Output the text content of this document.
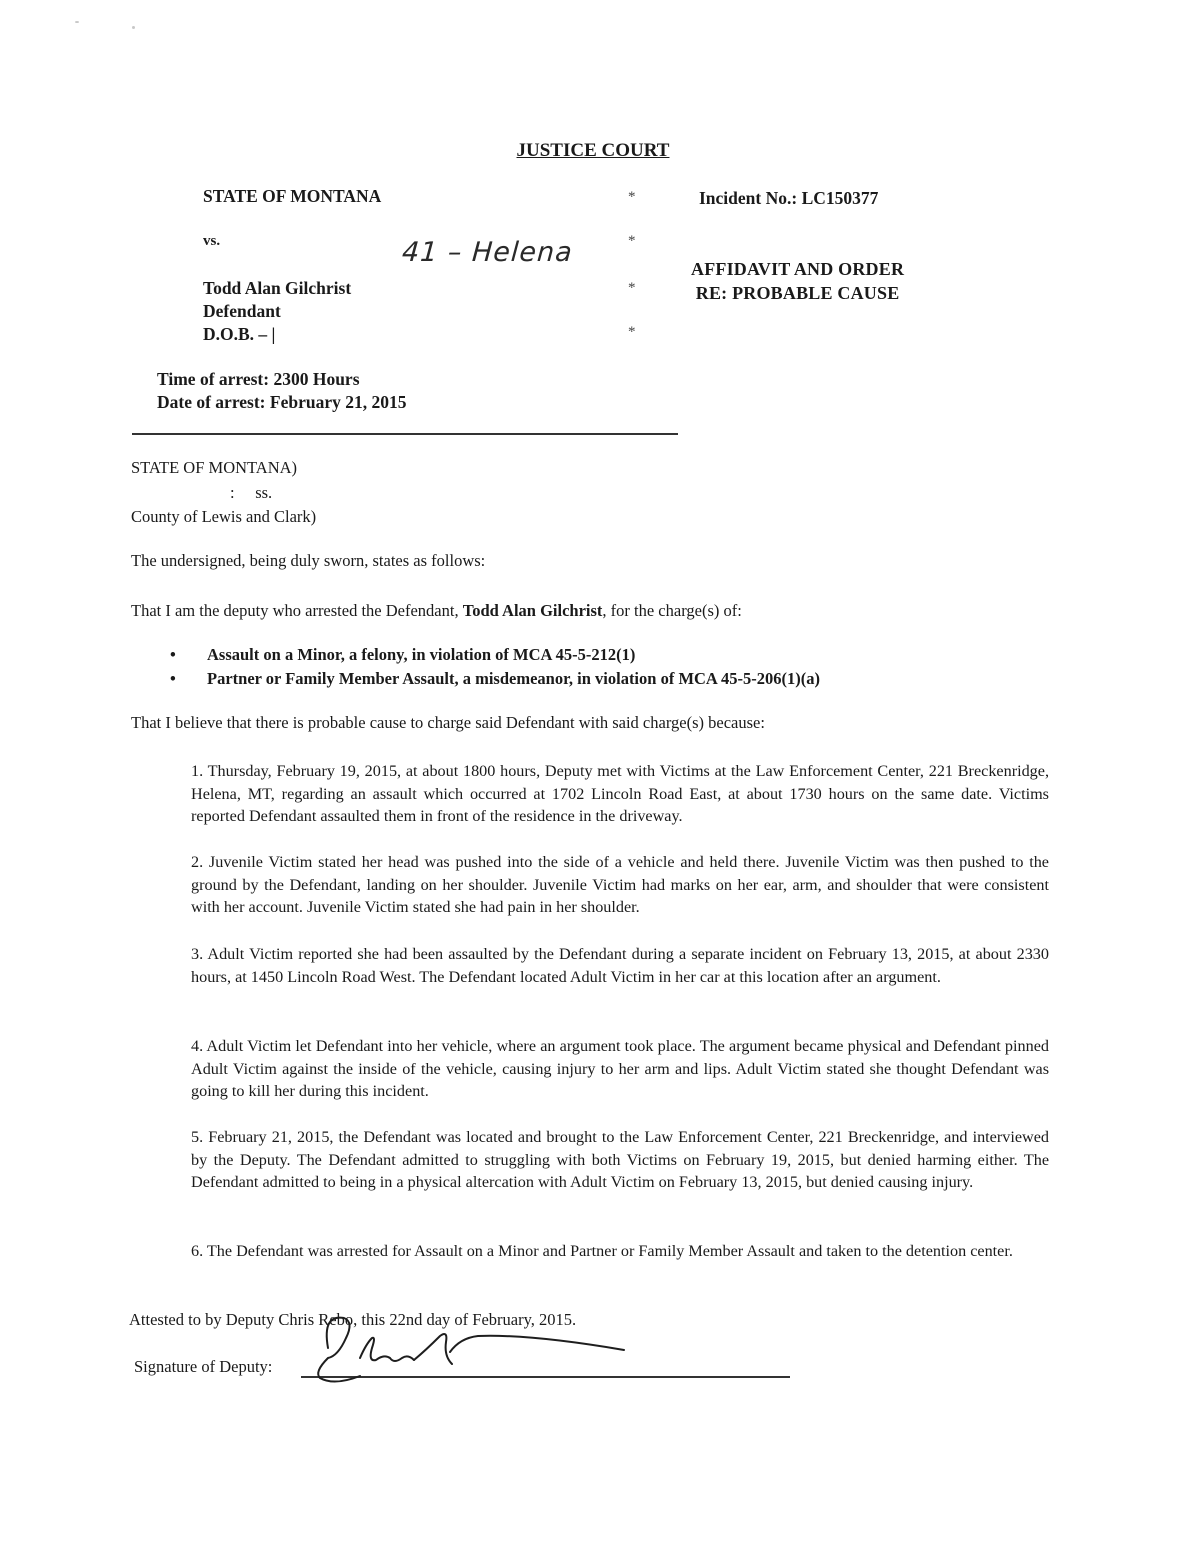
JUSTICE COURT
STATE OF MONTANA
vs.
Todd Alan Gilchrist
Defendant
D.O.B. – |
*
*
*
*
Incident No.: LC150377
AFFIDAVIT AND ORDER
RE: PROBABLE CAUSE
41 – Helena
Time of arrest: 2300 Hours
Date of arrest: February 21, 2015
STATE OF MONTANA)
:     ss.
County of Lewis and Clark)
The undersigned, being duly sworn, states as follows:
That I am the deputy who arrested the Defendant, Todd Alan Gilchrist, for the charge(s) of:
• Assault on a Minor, a felony, in violation of MCA 45-5-212(1)
• Partner or Family Member Assault, a misdemeanor, in violation of MCA 45-5-206(1)(a)
That I believe that there is probable cause to charge said Defendant with said charge(s) because:
1. Thursday, February 19, 2015, at about 1800 hours, Deputy met with Victims at the Law Enforcement Center, 221 Breckenridge, Helena, MT, regarding an assault which occurred at 1702 Lincoln Road East, at about 1730 hours on the same date. Victims reported Defendant assaulted them in front of the residence in the driveway.
2. Juvenile Victim stated her head was pushed into the side of a vehicle and held there. Juvenile Victim was then pushed to the ground by the Defendant, landing on her shoulder. Juvenile Victim had marks on her ear, arm, and shoulder that were consistent with her account. Juvenile Victim stated she had pain in her shoulder.
3. Adult Victim reported she had been assaulted by the Defendant during a separate incident on February 13, 2015, at about 2330 hours, at 1450 Lincoln Road West. The Defendant located Adult Victim in her car at this location after an argument.
4. Adult Victim let Defendant into her vehicle, where an argument took place. The argument became physical and Defendant pinned Adult Victim against the inside of the vehicle, causing injury to her arm and lips. Adult Victim stated she thought Defendant was going to kill her during this incident.
5. February 21, 2015, the Defendant was located and brought to the Law Enforcement Center, 221 Breckenridge, and interviewed by the Deputy. The Defendant admitted to struggling with both Victims on February 19, 2015, but denied harming either. The Defendant admitted to being in a physical altercation with Adult Victim on February 13, 2015, but denied causing injury.
6. The Defendant was arrested for Assault on a Minor and Partner or Family Member Assault and taken to the detention center.
Attested to by Deputy Chris Rebo, this 22nd day of February, 2015.
Signature of Deputy:
